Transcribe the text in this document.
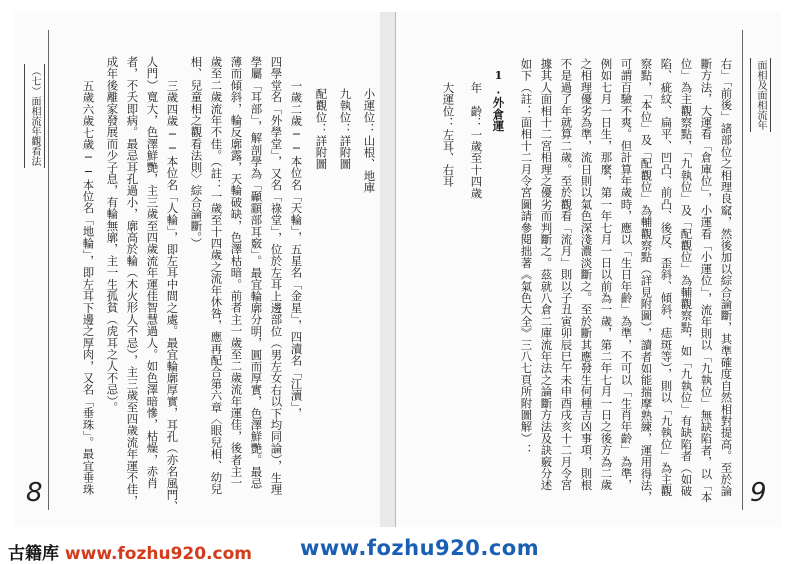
面相及面相流年
9
右」「前後」諸部位之相理良窳，然後加以綜合論斷，其準確度自然相對提高。至於論
斷方法，大運看「倉庫位」，小運看「小運位」，流年則以「九執位」無缺陷者，以「本
位」為主觀察點，「九執位」及「配觀位」為輔觀察點，如「九執位」有缺陷者（如破
陷、疵紋、扁平、凹凸、前凸、後反、歪斜、傾斜、痣斑等），則以「九執位」為主觀
察點，「本位」及「配觀位」為輔觀察點（詳見附圖），讀者如能揣摩熟練，運用得法，
可謂百驗不爽。但計算年歲時，應以「生日年齡」為準，不可以「生肖年齡」為準，
例如七月一日生，那麼，第一年七月一日以前為一歲，第二年七月一日之後方為二歲
之相理優劣為準，流日則以氣色深淺濃淡斷之。至於斷其應發生何種吉凶事項，則根
不是過了年就算二歲。至於觀看「流月」則以子丑寅卯辰巳午未申酉戌亥十二月令宮
據其人面相十二宮相理之優劣而判斷之。茲就八倉二庫流年法之論斷方法及訣竅分述
如下（註：面相十二月令宮圖請參閱拙著《氣色大全》三八七頁所附圖解）：
1.外倉運
年　齡：一歲至十四歲
大運位：左耳、右耳
（七）面相流年觀看法
8
小運位：山根、地庫
九執位：詳附圖
配觀位：詳附圖
一歲二歲──本位名「天輪」，五星名「金星」，四瀆名「江瀆」，
四學堂名「外學堂」，又名「祿堂」，位於左耳上邊部位（男左女右以下均同論），生理
學屬「耳部」，解剖學為「顳顬部耳竅」。最宜輪廓分明，圓而厚實，色澤鮮艷。最忌
薄而傾斜，輪反廓露，天輪破缺，色澤枯暗。前者主一歲至二歲流年運佳，後者主一
歲至二歲流年不佳。（註：一歲至十四歲之流年休咎，應再配合第六章〈眼兒相、幼兒
相、兒童相之觀看法則〉綜合論斷。）
三歲四歲──本位名「人輪」，即左耳中間之處。最宜輪廓厚實，耳孔（亦名風門、
人門）寬大，色澤鮮艷，主三歲至四歲流年運佳智慧過人。如色澤暗慘，枯燥，赤肖
者，不夭即病。最忌耳孔過小，廓高於輪（木火形人不忌），主三歲至四歲流年運不佳，
成年後離家發展而少子息，有輪無廓，主一生孤貧（虎耳之人不忌）。
五歲六歲七歲──本位名「地輪」，即左耳下邊之厚肉，又名「垂珠」。最宜垂珠
古籍库 www.fozhu920.com www.fozhu920.com
